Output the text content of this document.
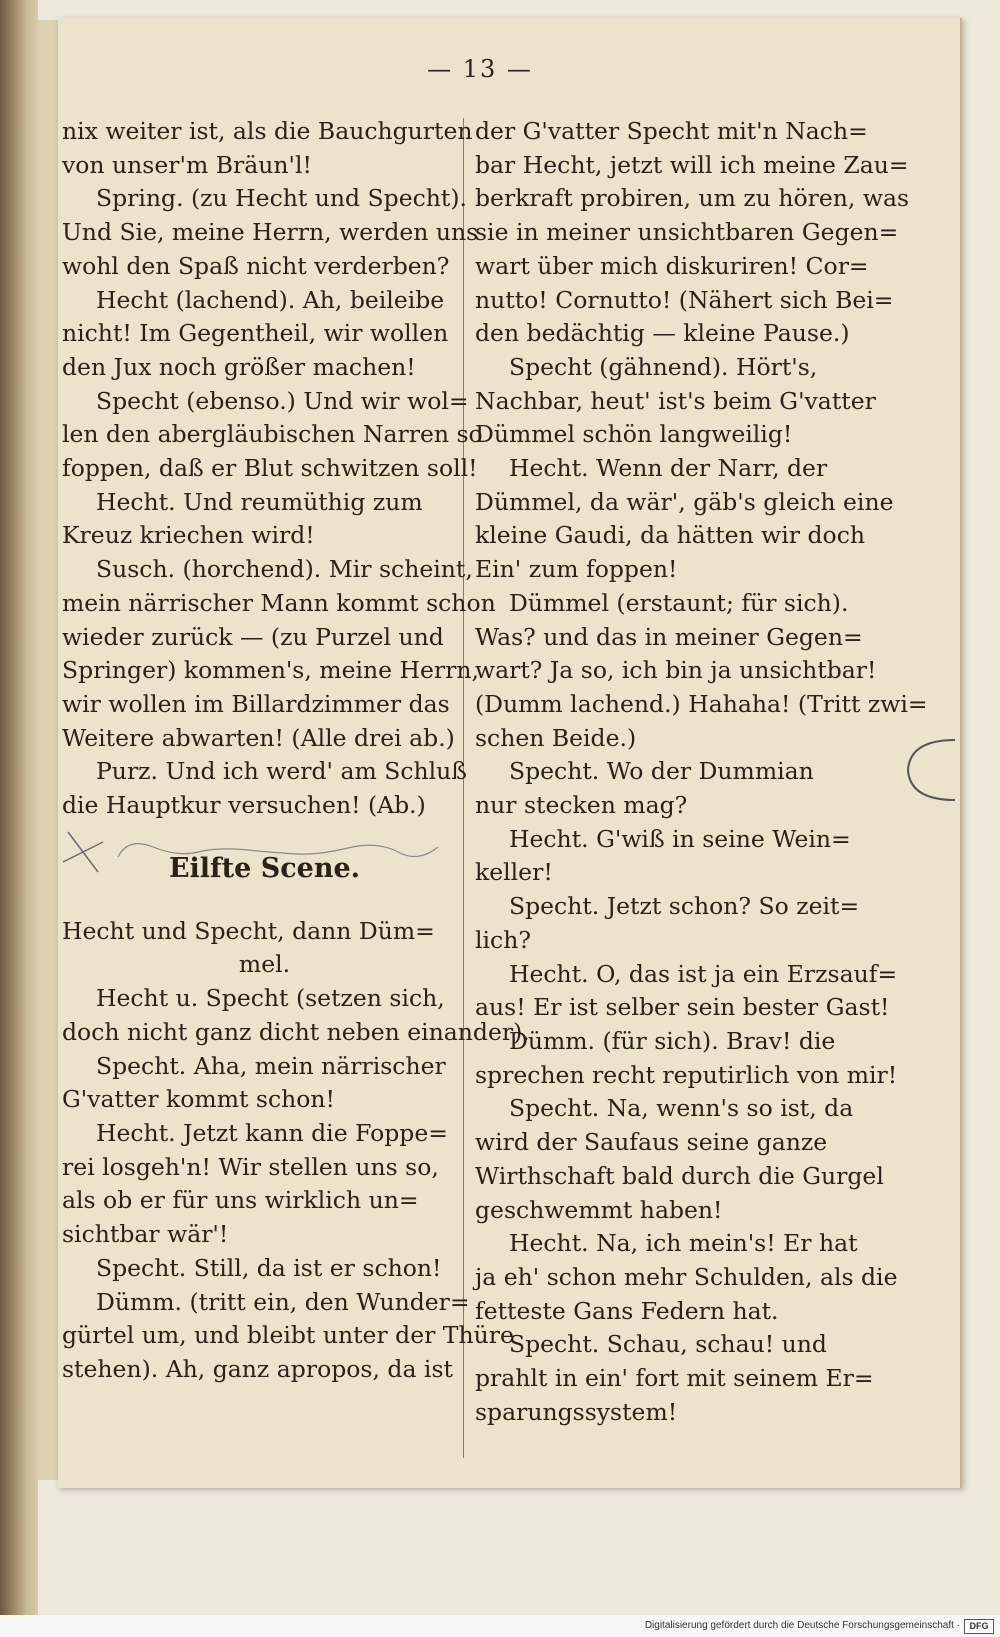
— 13 —
nix weiter ist, als die Bauchgurten
von unser'm Bräun'l!
Spring. (zu Hecht und Specht).
Und Sie, meine Herrn, werden uns
wohl den Spaß nicht verderben?
Hecht (lachend). Ah, beileibe
nicht! Im Gegentheil, wir wollen
den Jux noch größer machen!
Specht (ebenso.) Und wir wol=
len den abergläubischen Narren so
foppen, daß er Blut schwitzen soll!
Hecht. Und reumüthig zum
Kreuz kriechen wird!
Susch. (horchend). Mir scheint,
mein närrischer Mann kommt schon
wieder zurück — (zu Purzel und
Springer) kommen's, meine Herrn,
wir wollen im Billardzimmer das
Weitere abwarten! (Alle drei ab.)
Purz. Und ich werd' am Schluß
die Hauptkur versuchen! (Ab.)
Eilfte Scene.
Hecht und Specht, dann Düm=
mel.
Hecht u. Specht (setzen sich,
doch nicht ganz dicht neben einander).
Specht. Aha, mein närrischer
G'vatter kommt schon!
Hecht. Jetzt kann die Foppe=
rei losgeh'n! Wir stellen uns so,
als ob er für uns wirklich un=
sichtbar wär'!
Specht. Still, da ist er schon!
Dümm. (tritt ein, den Wunder=
gürtel um, und bleibt unter der Thüre
stehen). Ah, ganz apropos, da ist
der G'vatter Specht mit'n Nach=
bar Hecht, jetzt will ich meine Zau=
berkraft probiren, um zu hören, was
sie in meiner unsichtbaren Gegen=
wart über mich diskuriren! Cor=
nutto! Cornutto! (Nähert sich Bei=
den bedächtig — kleine Pause.)
Specht (gähnend). Hört's,
Nachbar, heut' ist's beim G'vatter
Dümmel schön langweilig!
Hecht. Wenn der Narr, der
Dümmel, da wär', gäb's gleich eine
kleine Gaudi, da hätten wir doch
Ein' zum foppen!
Dümmel (erstaunt; für sich).
Was? und das in meiner Gegen=
wart? Ja so, ich bin ja unsichtbar!
(Dumm lachend.) Hahaha! (Tritt zwi=
schen Beide.)
Specht. Wo der Dummian
nur stecken mag?
Hecht. G'wiß in seine Wein=
keller!
Specht. Jetzt schon? So zeit=
lich?
Hecht. O, das ist ja ein Erzsauf=
aus! Er ist selber sein bester Gast!
Dümm. (für sich). Brav! die
sprechen recht reputirlich von mir!
Specht. Na, wenn's so ist, da
wird der Saufaus seine ganze
Wirthschaft bald durch die Gurgel
geschwemmt haben!
Hecht. Na, ich mein's! Er hat
ja eh' schon mehr Schulden, als die
fetteste Gans Federn hat.
Specht. Schau, schau! und
prahlt in ein' fort mit seinem Er=
sparungssystem!
Digitalisierung gefördert durch die Deutsche Forschungsgemeinschaft ·	DFG
